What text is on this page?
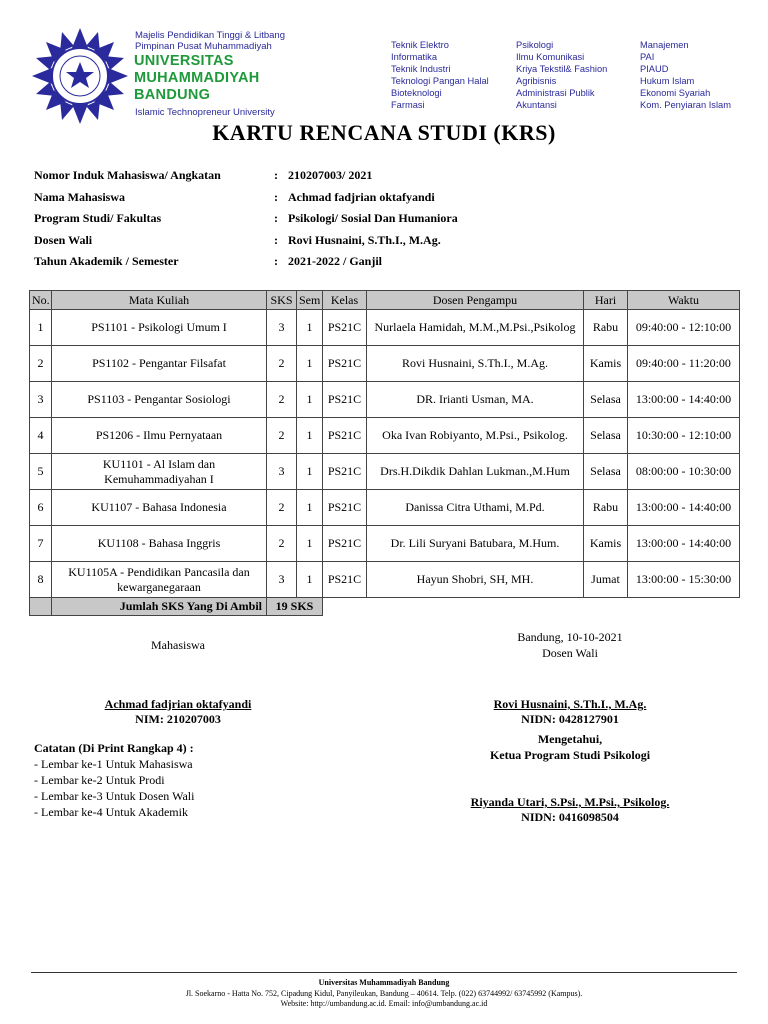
Majelis Pendidikan Tinggi & Litbang
Pimpinan Pusat Muhammadiyah
UNIVERSITAS
MUHAMMADIYAH
BANDUNG
Islamic Technopreneur University
Teknik Elektro
Informatika
Teknik Industri
Teknologi Pangan Halal
Bioteknologi
Farmasi
Psikologi
Ilmu Komunikasi
Kriya Tekstil& Fashion
Agribisnis
Administrasi Publik
Akuntansi
Manajemen
PAI
PIAUD
Hukum Islam
Ekonomi Syariah
Kom. Penyiaran Islam
KARTU RENCANA STUDI (KRS)
Nomor Induk Mahasiswa/ Angkatan	: 210207003/ 2021
Nama Mahasiswa	: Achmad fadjrian oktafyandi
Program Studi/ Fakultas	: Psikologi/ Sosial Dan Humaniora
Dosen Wali	: Rovi Husnaini, S.Th.I., M.Ag.
Tahun Akademik / Semester	: 2021-2022 / Ganjil
No.	Mata Kuliah	SKS	Sem	Kelas	Dosen Pengampu	Hari	Waktu
1	PS1101 - Psikologi Umum I	3	1	PS21C	Nurlaela Hamidah, M.M.,M.Psi.,Psikolog	Rabu	09:40:00 - 12:10:00
2	PS1102 - Pengantar Filsafat	2	1	PS21C	Rovi Husnaini, S.Th.I., M.Ag.	Kamis	09:40:00 - 11:20:00
3	PS1103 - Pengantar Sosiologi	2	1	PS21C	DR. Irianti Usman, MA.	Selasa	13:00:00 - 14:40:00
4	PS1206 - Ilmu Pernyataan	2	1	PS21C	Oka Ivan Robiyanto, M.Psi., Psikolog.	Selasa	10:30:00 - 12:10:00
5	KU1101 - Al Islam dan Kemuhammadiyahan I	3	1	PS21C	Drs.H.Dikdik Dahlan Lukman.,M.Hum	Selasa	08:00:00 - 10:30:00
6	KU1107 - Bahasa Indonesia	2	1	PS21C	Danissa Citra Uthami, M.Pd.	Rabu	13:00:00 - 14:40:00
7	KU1108 - Bahasa Inggris	2	1	PS21C	Dr. Lili Suryani Batubara, M.Hum.	Kamis	13:00:00 - 14:40:00
8	KU1105A - Pendidikan Pancasila dan kewarganegaraan	3	1	PS21C	Hayun Shobri, SH, MH.	Jumat	13:00:00 - 15:30:00
	Jumlah SKS Yang Di Ambil	19 SKS					
Mahasiswa
Bandung, 10-10-2021
Dosen Wali
Achmad fadjrian oktafyandi
NIM: 210207003
Rovi Husnaini, S.Th.I., M.Ag.
NIDN: 0428127901
Mengetahui,
Ketua Program Studi Psikologi
Riyanda Utari, S.Psi., M.Psi., Psikolog.
NIDN: 0416098504
Catatan (Di Print Rangkap 4) :
- Lembar ke-1 Untuk Mahasiswa
- Lembar ke-2 Untuk Prodi
- Lembar ke-3 Untuk Dosen Wali
- Lembar ke-4 Untuk Akademik
Universitas Muhammadiyah Bandung
Jl. Soekarno - Hatta No. 752, Cipadung Kidul, Panyileukan, Bandung – 40614. Telp. (022) 63744992/ 63745992 (Kampus).
Website: http://umbandung.ac.id. Email: info@umbandung.ac.id
